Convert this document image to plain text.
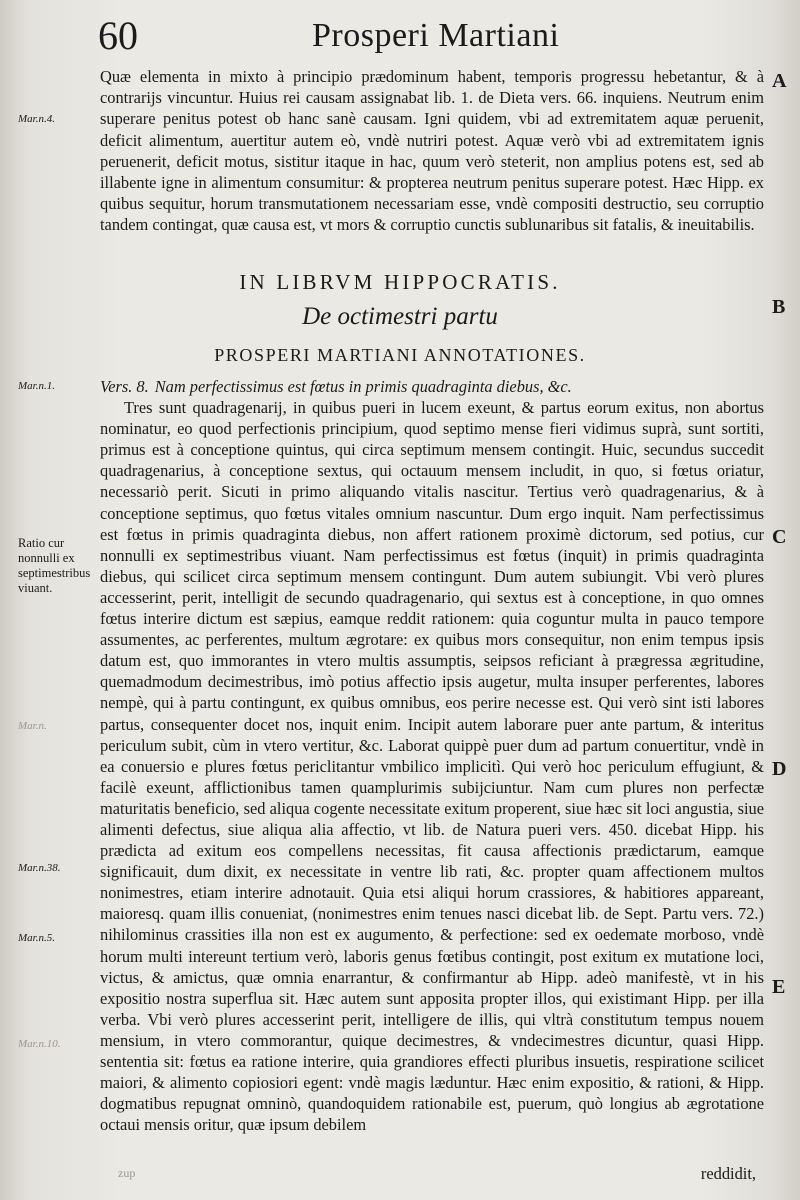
60	Prosperi Martiani

Quæ elementa in mixto à principio prædominum habent, temporis progressu hebetantur, & à contrarijs vincuntur. Huius rei causam assignabat lib. 1. de Dieta vers. 66. inquiens. Neutrum enim superare penitus potest ob hanc sanè causam. Igni quidem, vbi ad extremitatem aquæ peruenit, deficit alimentum, auertitur autem eò, vndè nutriri potest. Aquæ verò vbi ad extremitatem ignis peruenerit, deficit motus, sistitur itaque in hac, quum verò steterit, non amplius potens est, sed ab illabente igne in alimentum consumitur: & propterea neutrum penitus superare potest. Hæc Hipp. ex quibus sequitur, horum transmutationem necessariam esse, vndè compositi destructio, seu corruptio tandem contingat, quæ causa est, vt mors & corruptio cunctis sublunaribus sit fatalis, & ineuitabilis.

IN LIBRVM HIPPOCRATIS.

De octimestri partu

PROSPERI MARTIANI ANNOTATIONES.

Vers. 8. Nam perfectissimus est fœtus in primis quadraginta diebus, &c.

Tres sunt quadragenarij, in quibus pueri in lucem exeunt, & partus eorum exitus, non abortus nominatur, eo quod perfectionis principium, quod septimo mense fieri vidimus suprà, sunt sortiti, primus est à conceptione quintus, qui circa septimum mensem contingit. Huic, secundus succedit quadragenarius, à conceptione sextus, qui octauum mensem includit, in quo, si fœtus oriatur, necessariò perit. Sicuti in primo aliquando vitalis nascitur. Tertius verò quadragenarius, & à conceptione septimus, quo fœtus vitales omnium nascuntur. Dum ergo inquit. Nam perfectissimus est fœtus in primis quadraginta diebus, non affert rationem proximè dictorum, sed potius, cur nonnulli ex septimestribus viuant. Nam perfectissimus est fœtus (inquit) in primis quadraginta diebus, qui scilicet circa septimum mensem contingunt. Dum autem subiungit. Vbi verò plures accesserint, perit, intelligit de secundo quadragenario, qui sextus est à conceptione, in quo omnes fœtus interire dictum est sæpius, eamque reddit rationem: quia coguntur multa in pauco tempore assumentes, ac perferentes, multum ægrotare: ex quibus mors consequitur, non enim tempus ipsis datum est, quo immorantes in vtero multis assumptis, seipsos reficiant à prægressa ægritudine, quemadmodum decimestribus, imò potius affectio ipsis augetur, multa insuper perferentes, labores nempè, qui à partu contingunt, ex quibus omnibus, eos perire necesse est. Qui verò sint isti labores partus, consequenter docet nos, inquit enim. Incipit autem laborare puer ante partum, & interitus periculum subit, cùm in vtero vertitur, &c. Laborat quippè puer dum ad partum conuertitur, vndè in ea conuersio e plures fœtus periclitantur vmbilico implicitì. Qui verò hoc periculum effugiunt, & facilè exeunt, afflictionibus tamen quamplurimis subijciuntur. Nam cum plures non perfectæ maturitatis beneficio, sed aliqua cogente necessitate exitum properent, siue hæc sit loci angustia, siue alimenti defectus, siue aliqua alia affectio, vt lib. de Natura pueri vers. 450. dicebat Hipp. his prædicta ad exitum eos compellens necessitas, fit causa affectionis prædictarum, eamque significauit, dum dixit, ex necessitate in ventre lib rati, &c. propter quam affectionem multos nonimestres, etiam interire adnotauit. Quia etsi aliqui horum crassiores, & habitiores appareant, maioresq. quam illis conueniat, (nonimestres enim tenues nasci dicebat lib. de Sept. Partu vers. 72.) nihilominus crassities illa non est ex augumento, & perfectione: sed ex oedemate morboso, vndè horum multi intereunt tertium verò, laboris genus fœtibus contingit, post exitum ex mutatione loci, victus, & amictus, quæ omnia enarrantur, & confirmantur ab Hipp. adeò manifestè, vt in his expositio nostra superflua sit. Hæc autem sunt apposita propter illos, qui existimant Hipp. per illa verba. Vbi verò plures accesserint perit, intelligere de illis, qui vltrà constitutum tempus nouem mensium, in vtero commorantur, quique decimestres, & vndecimestres dicuntur, quasi Hipp. sententia sit: fœtus ea ratione interire, quia grandiores effecti pluribus insuetis, respiratione scilicet maiori, & alimento copiosiori egent: vndè magis læduntur. Hæc enim expositio, & rationi, & Hipp. dogmatibus repugnat omninò, quandoquidem rationabile est, puerum, quò longius ab ægrotatione octaui mensis oritur, quæ ipsum debilem

reddidit,

Mar.n.4.

Mar.n.1.

Mar.n.38.

Mar.n.5.

Mar.n.

Mar.n.10.

Ratio cur nonnulli ex septimestribus viuant.

A

B

C

D

E

zup
